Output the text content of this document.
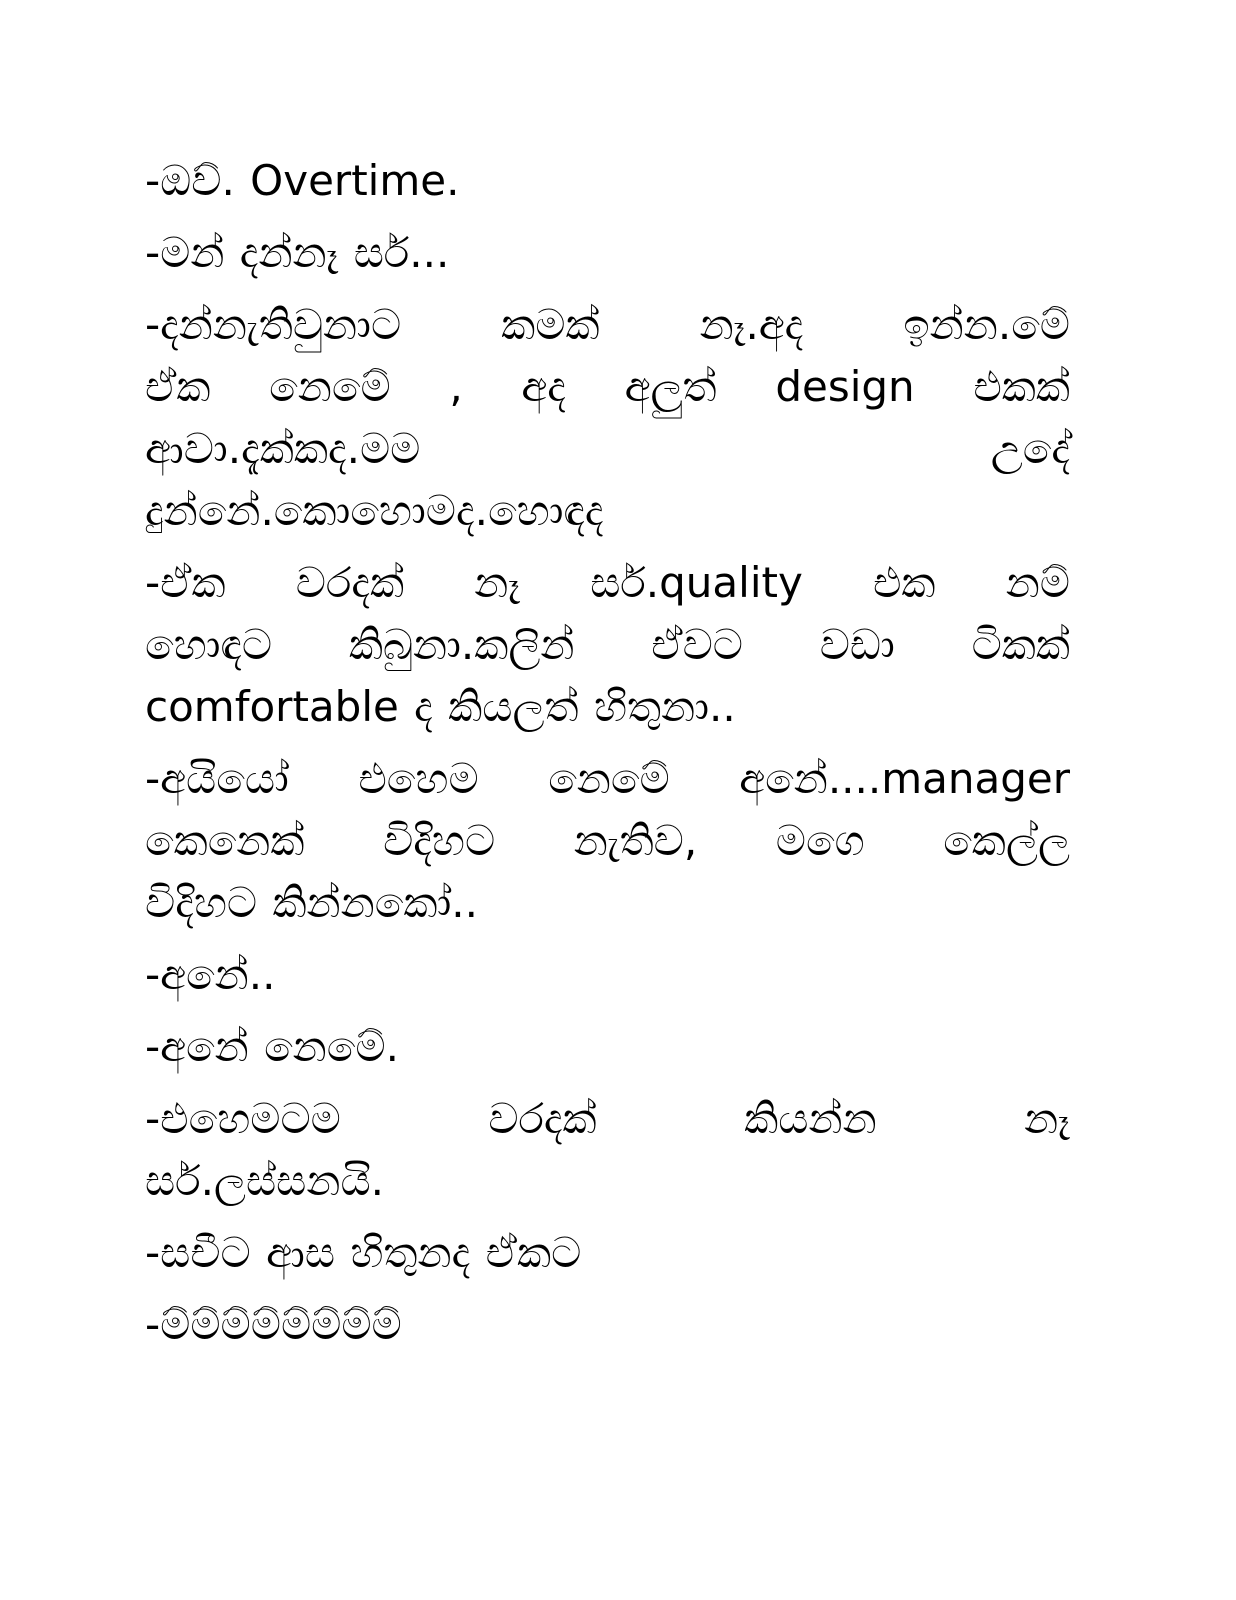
-ඔව්. Overtime.

-මන් දන්නෑ සර්...

-දන්නැතිවුනාට කමක් නෑ.අද ඉන්න.මේ
ඒක නෙමේ , අද අලුත් design එකක්
ආවා.දැක්කද.මම උදේ
දුන්නේ.කොහොමද.හොඳද

-ඒක වරදක් නෑ සර්.quality එක නම්
හොඳට කිබුනා.කලින් ඒවට වඩා ටිකක්
comfortable ද කියලත් හිතුනා..

-අයියෝ එහෙම නෙමේ අනේ....manager
කෙනෙක් විදිහට නැතිව, මගෙ කෙල්ල
විදිහට කින්නකෝ..

-අනේ..

-අනේ නෙමේ.

-එහෙමටම වරදක් කියන්න නෑ
සර්.ලස්සනයි.

-සචීට ආස හිතුනද ඒකට

-ම්ම්ම්ම්ම්ම්ම්ම්
